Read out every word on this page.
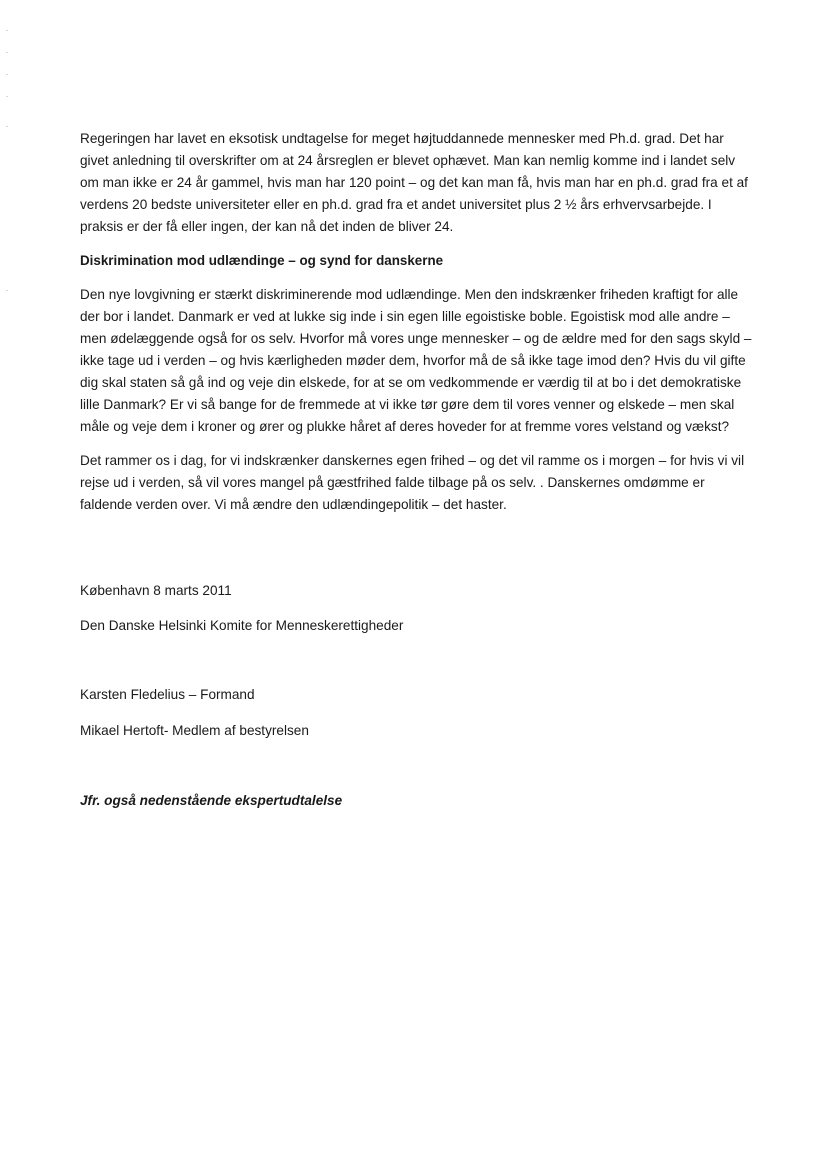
Regeringen har lavet en eksotisk undtagelse for meget højtuddannede mennesker med Ph.d. grad. Det har givet anledning til overskrifter om at 24 årsreglen er blevet ophævet. Man kan nemlig komme ind i landet selv om man ikke er 24 år gammel, hvis man har 120 point – og det kan man få, hvis man har en ph.d. grad fra et af verdens 20 bedste universiteter eller en ph.d. grad fra et andet universitet plus 2 ½ års erhvervsarbejde. I praksis er der få eller ingen, der kan nå det inden de bliver 24.

Diskrimination mod udlændinge – og synd for danskerne

Den nye lovgivning er stærkt diskriminerende mod udlændinge. Men den indskrænker friheden kraftigt for alle der bor i landet. Danmark er ved at lukke sig inde i sin egen lille egoistiske boble. Egoistisk mod alle andre – men ødelæggende også for os selv. Hvorfor må vores unge mennesker – og de ældre med for den sags skyld – ikke tage ud i verden – og hvis kærligheden møder dem, hvorfor må de så ikke tage imod den? Hvis du vil gifte dig skal staten så gå ind og veje din elskede, for at se om vedkommende er værdig til at bo i det demokratiske lille Danmark? Er vi så bange for de fremmede at vi ikke tør gøre dem til vores venner og elskede – men skal måle og veje dem i kroner og ører og plukke håret af deres hoveder for at fremme vores velstand og vækst?

Det rammer os i dag, for vi indskrænker danskernes egen frihed – og det vil ramme os i morgen – for hvis vi vil rejse ud i verden, så vil vores mangel på gæstfrihed falde tilbage på os selv. . Danskernes omdømme er faldende verden over. Vi må ændre den udlændingepolitik – det haster.

København 8 marts 2011

Den Danske Helsinki Komite for Menneskerettigheder

Karsten Fledelius – Formand

Mikael Hertoft- Medlem af bestyrelsen

Jfr. også nedenstående ekspertudtalelse
